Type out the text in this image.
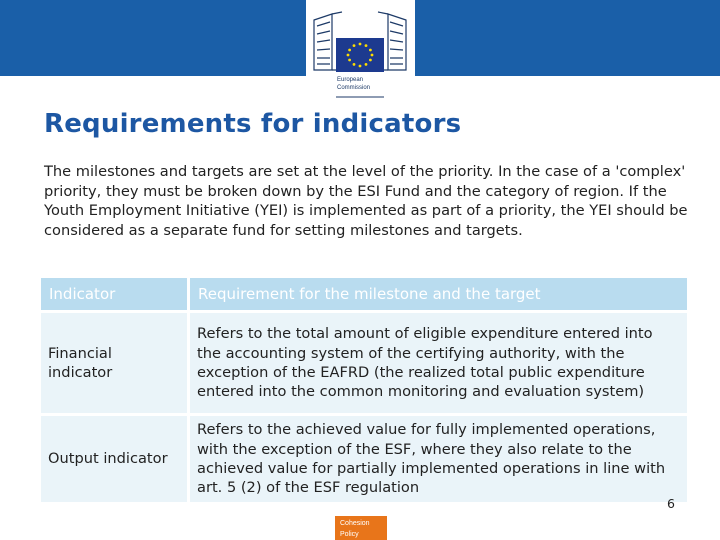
European
Commission
Requirements for indicators

The milestones and targets are set at the level of the priority. In the case of a 'complex' priority, they must be broken down by the ESI Fund and the category of region. If the Youth Employment Initiative (YEI) is implemented as part of a priority, the YEI should be considered as a separate fund for setting milestones and targets.

Indicator	Requirement for the milestone and the target
Financial indicator	Refers to the total amount of eligible expenditure entered into the accounting system of the certifying authority, with the exception of the EAFRD (the realized total public expenditure entered into the common monitoring and evaluation system)
Output indicator	Refers to the achieved value for fully implemented operations, with the exception of the ESF, where they also relate to the achieved value for partially implemented operations in line with art. 5 (2) of the ESF regulation
6
Cohesion
Policy
